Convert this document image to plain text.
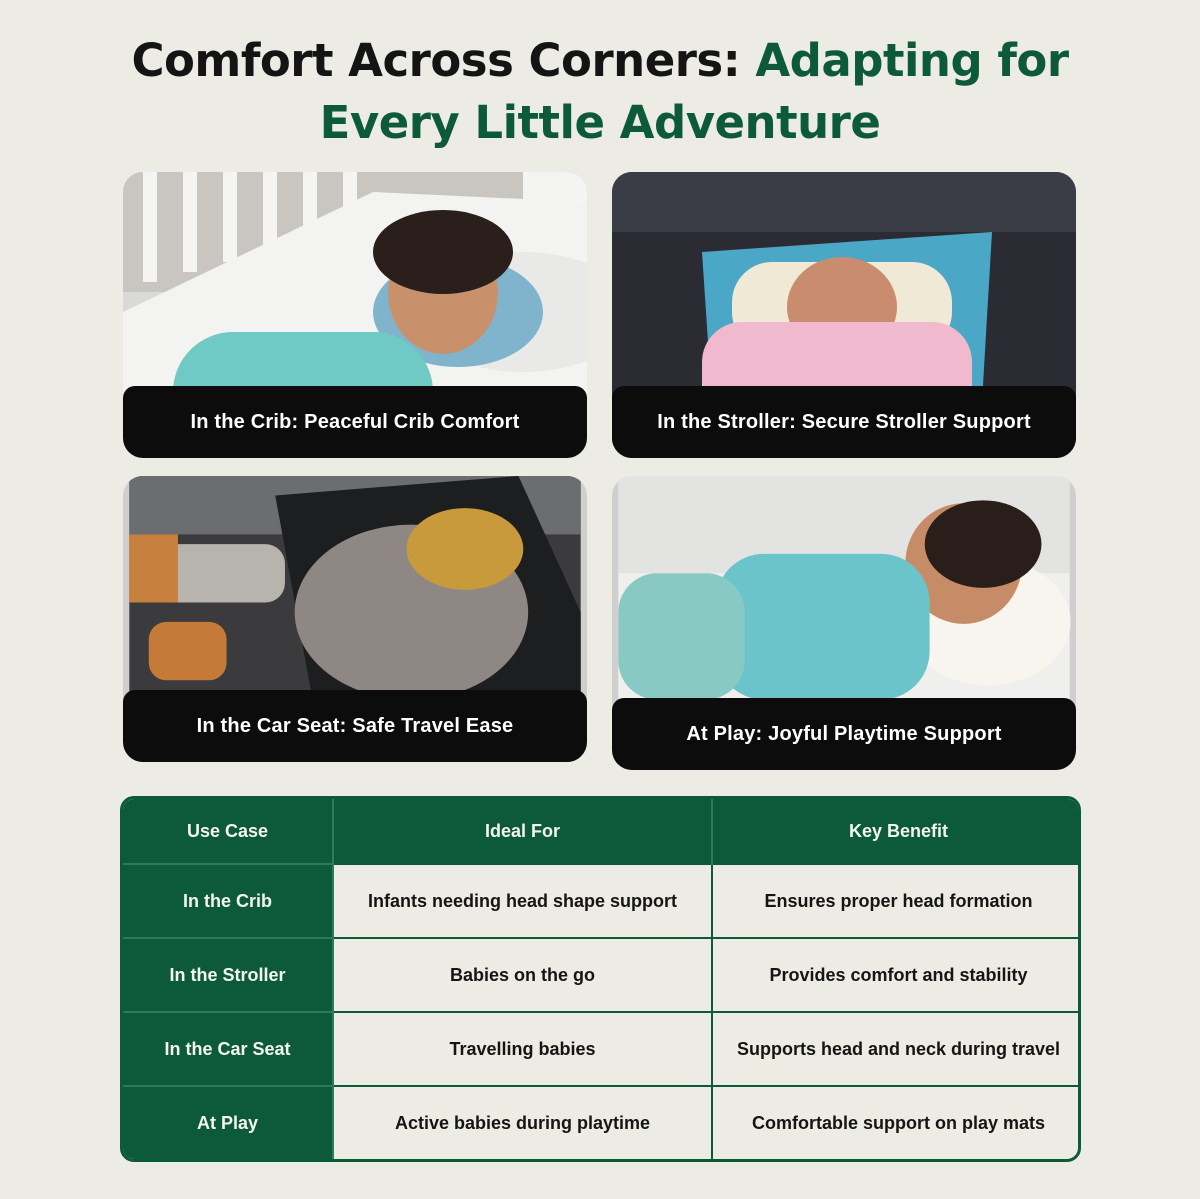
Comfort Across Corners: Adapting for
Every Little Adventure
In the Crib: Peaceful Crib Comfort	In the Stroller: Secure Stroller Support
In the Car Seat: Safe Travel Ease	At Play: Joyful Playtime Support
Use Case	Ideal For	Key Benefit
In the Crib	Infants needing head shape support	Ensures proper head formation
In the Stroller	Babies on the go	Provides comfort and stability
In the Car Seat	Travelling babies	Supports head and neck during travel
At Play	Active babies during playtime	Comfortable support on play mats
